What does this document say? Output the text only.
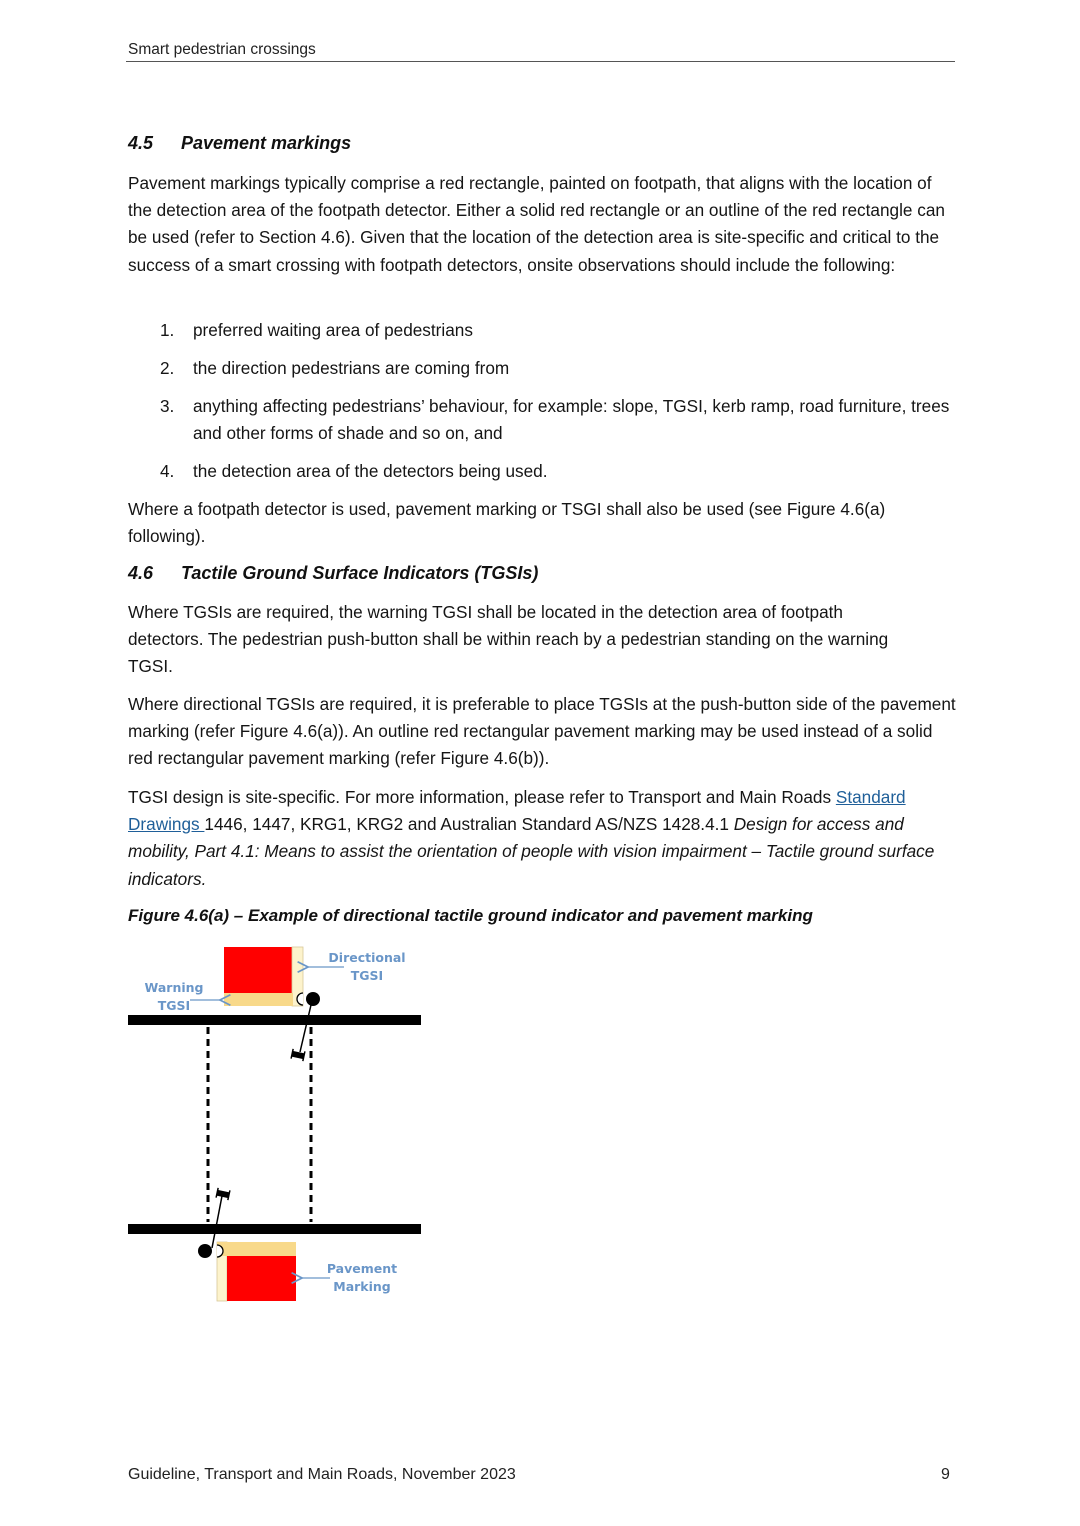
Smart pedestrian crossings
4.5 Pavement markings
Pavement markings typically comprise a red rectangle, painted on footpath, that aligns with the location of the detection area of the footpath detector. Either a solid red rectangle or an outline of the red rectangle can be used (refer to Section 4.6). Given that the location of the detection area is site-specific and critical to the success of a smart crossing with footpath detectors, onsite observations should include the following:
1.	preferred waiting area of pedestrians
2.	the direction pedestrians are coming from
3.	anything affecting pedestrians’ behaviour, for example: slope, TGSI, kerb ramp, road furniture, trees and other forms of shade and so on, and
4.	the detection area of the detectors being used.
Where a footpath detector is used, pavement marking or TSGI shall also be used (see Figure 4.6(a) following).
4.6 Tactile Ground Surface Indicators (TGSIs)
Where TGSIs are required, the warning TGSI shall be located in the detection area of footpath detectors. The pedestrian push-button shall be within reach by a pedestrian standing on the warning TGSI.
Where directional TGSIs are required, it is preferable to place TGSIs at the push-button side of the pavement marking (refer Figure 4.6(a)). An outline red rectangular pavement marking may be used instead of a solid red rectangular pavement marking (refer Figure 4.6(b)).
TGSI design is site-specific. For more information, please refer to Transport and Main Roads Standard Drawings 1446, 1447, KRG1, KRG2 and Australian Standard AS/NZS 1428.4.1 Design for access and mobility, Part 4.1: Means to assist the orientation of people with vision impairment – Tactile ground surface indicators.
Figure 4.6(a) – Example of directional tactile ground indicator and pavement marking
Directional
TGSI
Warning
TGSI
Pavement
Marking
Guideline, Transport and Main Roads, November 2023	9
